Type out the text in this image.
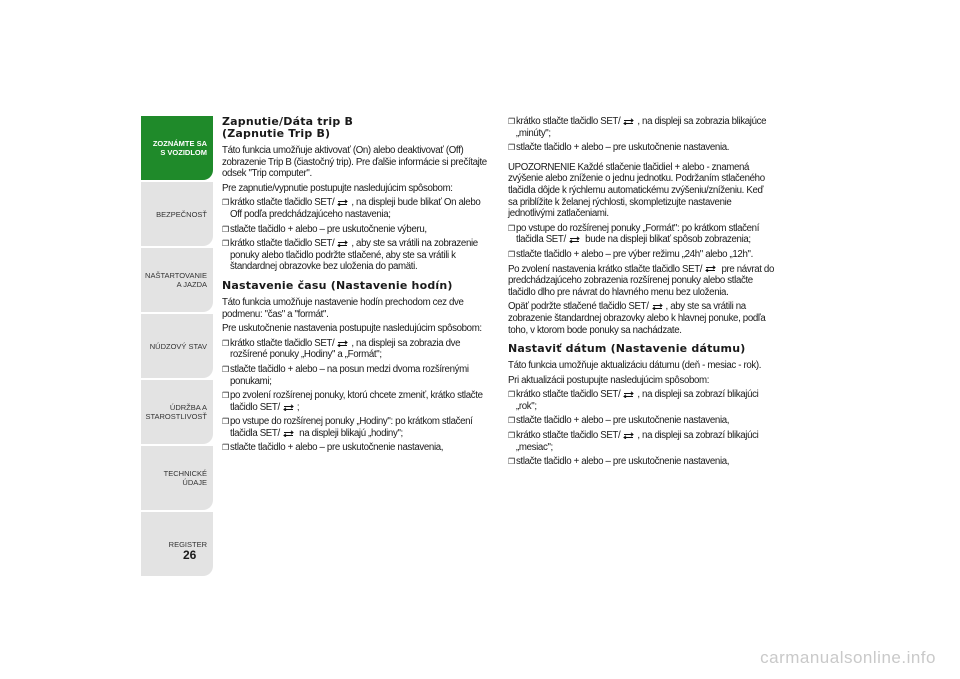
ZOZNÁMTE SA S VOZIDLOM
BEZPEČNOSŤ
NAŠTARTOVANIE A JAZDA
NÚDZOVÝ STAV
ÚDRŽBA A STAROSTLIVOSŤ
TECHNICKÉ ÚDAJE
REGISTER
26
Zapnutie/Dáta trip B
(Zapnutie Trip B)

Táto funkcia umožňuje aktivovať (On) alebo deaktivovať (Off) zobrazenie Trip B (čiastočný trip). Pre ďalšie informácie si prečítajte odsek "Trip computer".

Pre zapnutie/vypnutie postupujte nasledujúcim spôsobom:

❒ krátko stlačte tlačidlo SET/ , na displeji bude blikať On alebo Off podľa predchádzajúceho nastavenia;
❒ stlačte tlačidlo + alebo – pre uskutočnenie výberu,
❒ krátko stlačte tlačidlo SET/ , aby ste sa vrátili na zobrazenie ponuky alebo tlačidlo podržte stlačené, aby ste sa vrátili k štandardnej obrazovke bez uloženia do pamäti.
Nastavenie času (Nastavenie hodín)

Táto funkcia umožňuje nastavenie hodín prechodom cez dve podmenu: "čas" a "formát".

Pre uskutočnenie nastavenia postupujte nasledujúcim spôsobom:

❒ krátko stlačte tlačidlo SET/ , na displeji sa zobrazia dve rozšírené ponuky „Hodiny" a „Formát";
❒ stlačte tlačidlo + alebo – na posun medzi dvoma rozšírenými ponukami;
❒ po zvolení rozšírenej ponuky, ktorú chcete zmeniť, krátko stlačte tlačidlo SET/ ;
❒ po vstupe do rozšírenej ponuky „Hodiny": po krátkom stlačení tlačidla SET/ na displeji blikajú „hodiny";
❒ stlačte tlačidlo + alebo – pre uskutočnenie nastavenia,
❒ krátko stlačte tlačidlo SET/ , na displeji sa zobrazia blikajúce „minúty";
❒ stlačte tlačidlo + alebo – pre uskutočnenie nastavenia.

UPOZORNENIE Každé stlačenie tlačidiel + alebo - znamená zvýšenie alebo zníženie o jednu jednotku. Podržaním stlačeného tlačidla dôjde k rýchlemu automatickému zvýšeniu/zníženiu. Keď sa priblížite k želanej rýchlosti, skompletizujte nastavenie jednotlivými zatlačeniami.

❒ po vstupe do rozšírenej ponuky „Formát": po krátkom stlačení tlačidla SET/ bude na displeji blikať spôsob zobrazenia;
❒ stlačte tlačidlo + alebo – pre výber režimu „24h" alebo „12h".

Po zvolení nastavenia krátko stlačte tlačidlo SET/ pre návrat do predchádzajúceho zobrazenia rozšírenej ponuky alebo stlačte tlačidlo dlho pre návrat do hlavného menu bez uloženia.

Opäť podržte stlačené tlačidlo SET/ , aby ste sa vrátili na zobrazenie štandardnej obrazovky alebo k hlavnej ponuke, podľa toho, v ktorom bode ponuky sa nachádzate.

Nastaviť dátum (Nastavenie dátumu)

Táto funkcia umožňuje aktualizáciu dátumu (deň - mesiac - rok).

Pri aktualizácii postupujte nasledujúcim spôsobom:

❒ krátko stlačte tlačidlo SET/ , na displeji sa zobrazí blikajúci „rok";
❒ stlačte tlačidlo + alebo – pre uskutočnenie nastavenia,
❒ krátko stlačte tlačidlo SET/ , na displeji sa zobrazí blikajúci „mesiac";
❒ stlačte tlačidlo + alebo – pre uskutočnenie nastavenia,
carmanualsonline.info
